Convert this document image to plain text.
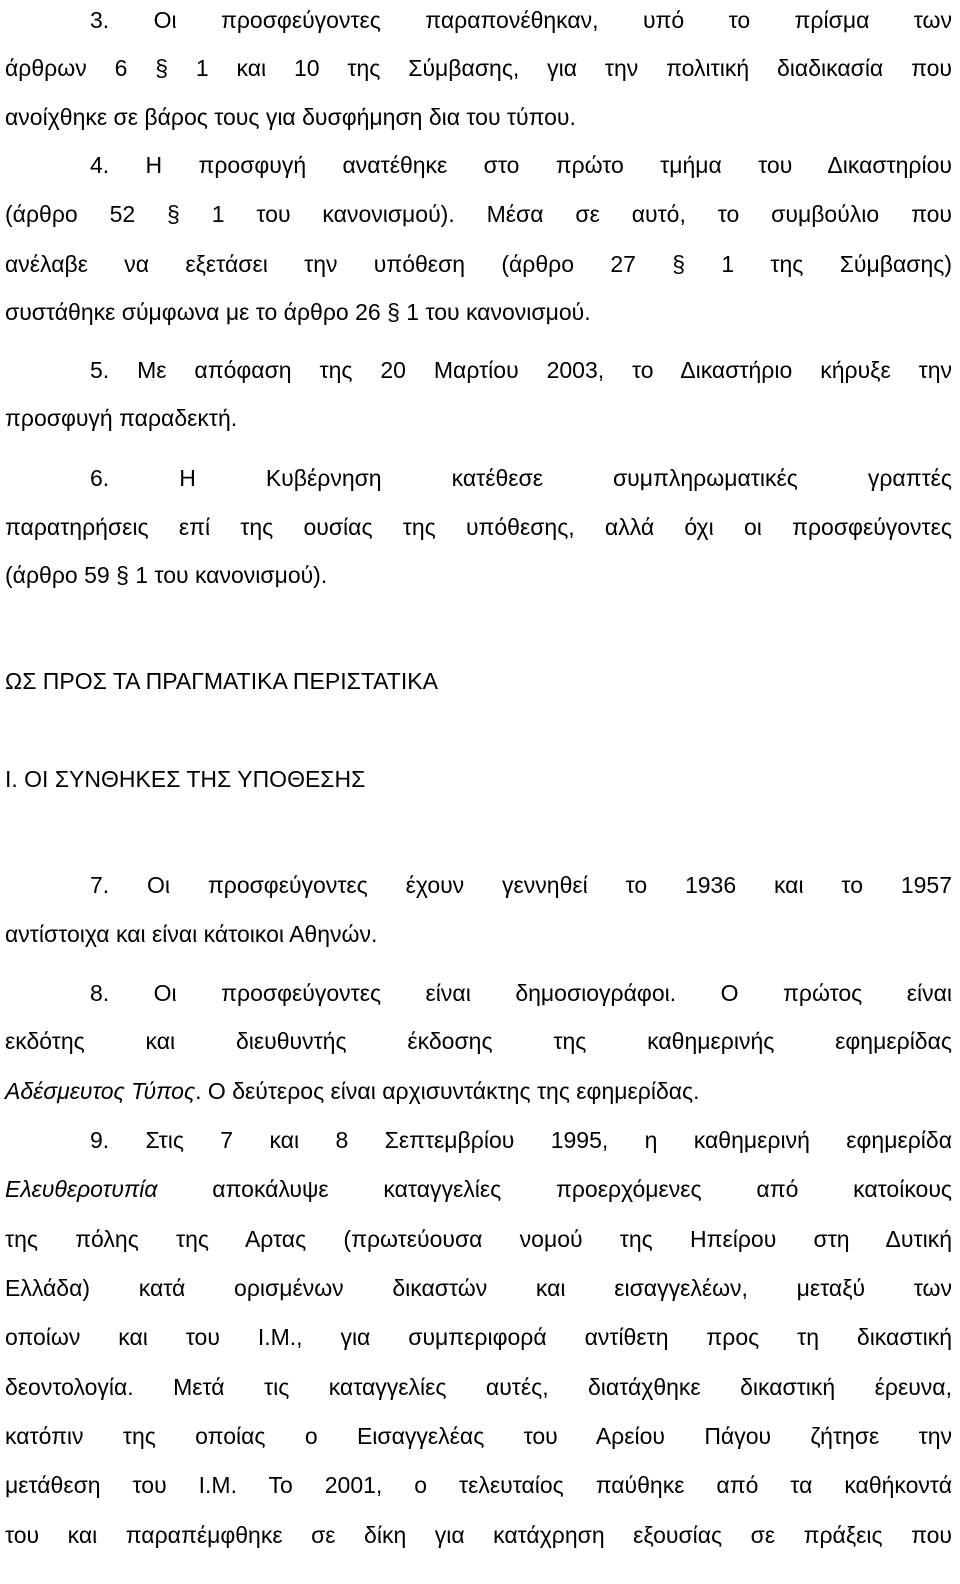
3. Οι προσφεύγοντες παραπονέθηκαν, υπό το πρίσμα των
άρθρων 6 § 1 και 10 της Σύμβασης, για την πολιτική διαδικασία που
ανοίχθηκε σε βάρος τους για δυσφήμηση δια του τύπου.
4. Η προσφυγή ανατέθηκε στο πρώτο τμήμα του Δικαστηρίου
(άρθρο 52 § 1 του κανονισμού). Μέσα σε αυτό, το συμβούλιο που
ανέλαβε να εξετάσει την υπόθεση (άρθρο 27 § 1 της Σύμβασης)
συστάθηκε σύμφωνα με το άρθρο 26 § 1 του κανονισμού.
5. Με απόφαση της 20 Μαρτίου 2003, το Δικαστήριο κήρυξε την
προσφυγή παραδεκτή.
6. Η Κυβέρνηση κατέθεσε συμπληρωματικές γραπτές
παρατηρήσεις επί της ουσίας της υπόθεσης, αλλά όχι οι προσφεύγοντες
(άρθρο 59 § 1 του κανονισμού).
ΩΣ ΠΡΟΣ ΤΑ ΠΡΑΓΜΑΤΙΚΑ ΠΕΡΙΣΤΑΤΙΚΑ
I. ΟΙ ΣΥΝΘΗΚΕΣ ΤΗΣ ΥΠΟΘΕΣΗΣ
7. Οι προσφεύγοντες έχουν γεννηθεί το 1936 και το 1957
αντίστοιχα και είναι κάτοικοι Αθηνών.
8. Οι προσφεύγοντες είναι δημοσιογράφοι. Ο πρώτος είναι
εκδότης και διευθυντής έκδοσης της καθημερινής εφημερίδας
Αδέσμευτος Τύπος. Ο δεύτερος είναι αρχισυντάκτης της εφημερίδας.
9. Στις 7 και 8 Σεπτεμβρίου 1995, η καθημερινή εφημερίδα
Ελευθεροτυπία αποκάλυψε καταγγελίες προερχόμενες από κατοίκους
της πόλης της Αρτας (πρωτεύουσα νομού της Ηπείρου στη Δυτική
Ελλάδα) κατά ορισμένων δικαστών και εισαγγελέων, μεταξύ των
οποίων και του Ι.Μ., για συμπεριφορά αντίθετη προς τη δικαστική
δεοντολογία. Μετά τις καταγγελίες αυτές, διατάχθηκε δικαστική έρευνα,
κατόπιν της οποίας ο Εισαγγελέας του Αρείου Πάγου ζήτησε την
μετάθεση του Ι.Μ. Το 2001, ο τελευταίος παύθηκε από τα καθήκοντά
του και παραπέμφθηκε σε δίκη για κατάχρηση εξουσίας σε πράξεις που
